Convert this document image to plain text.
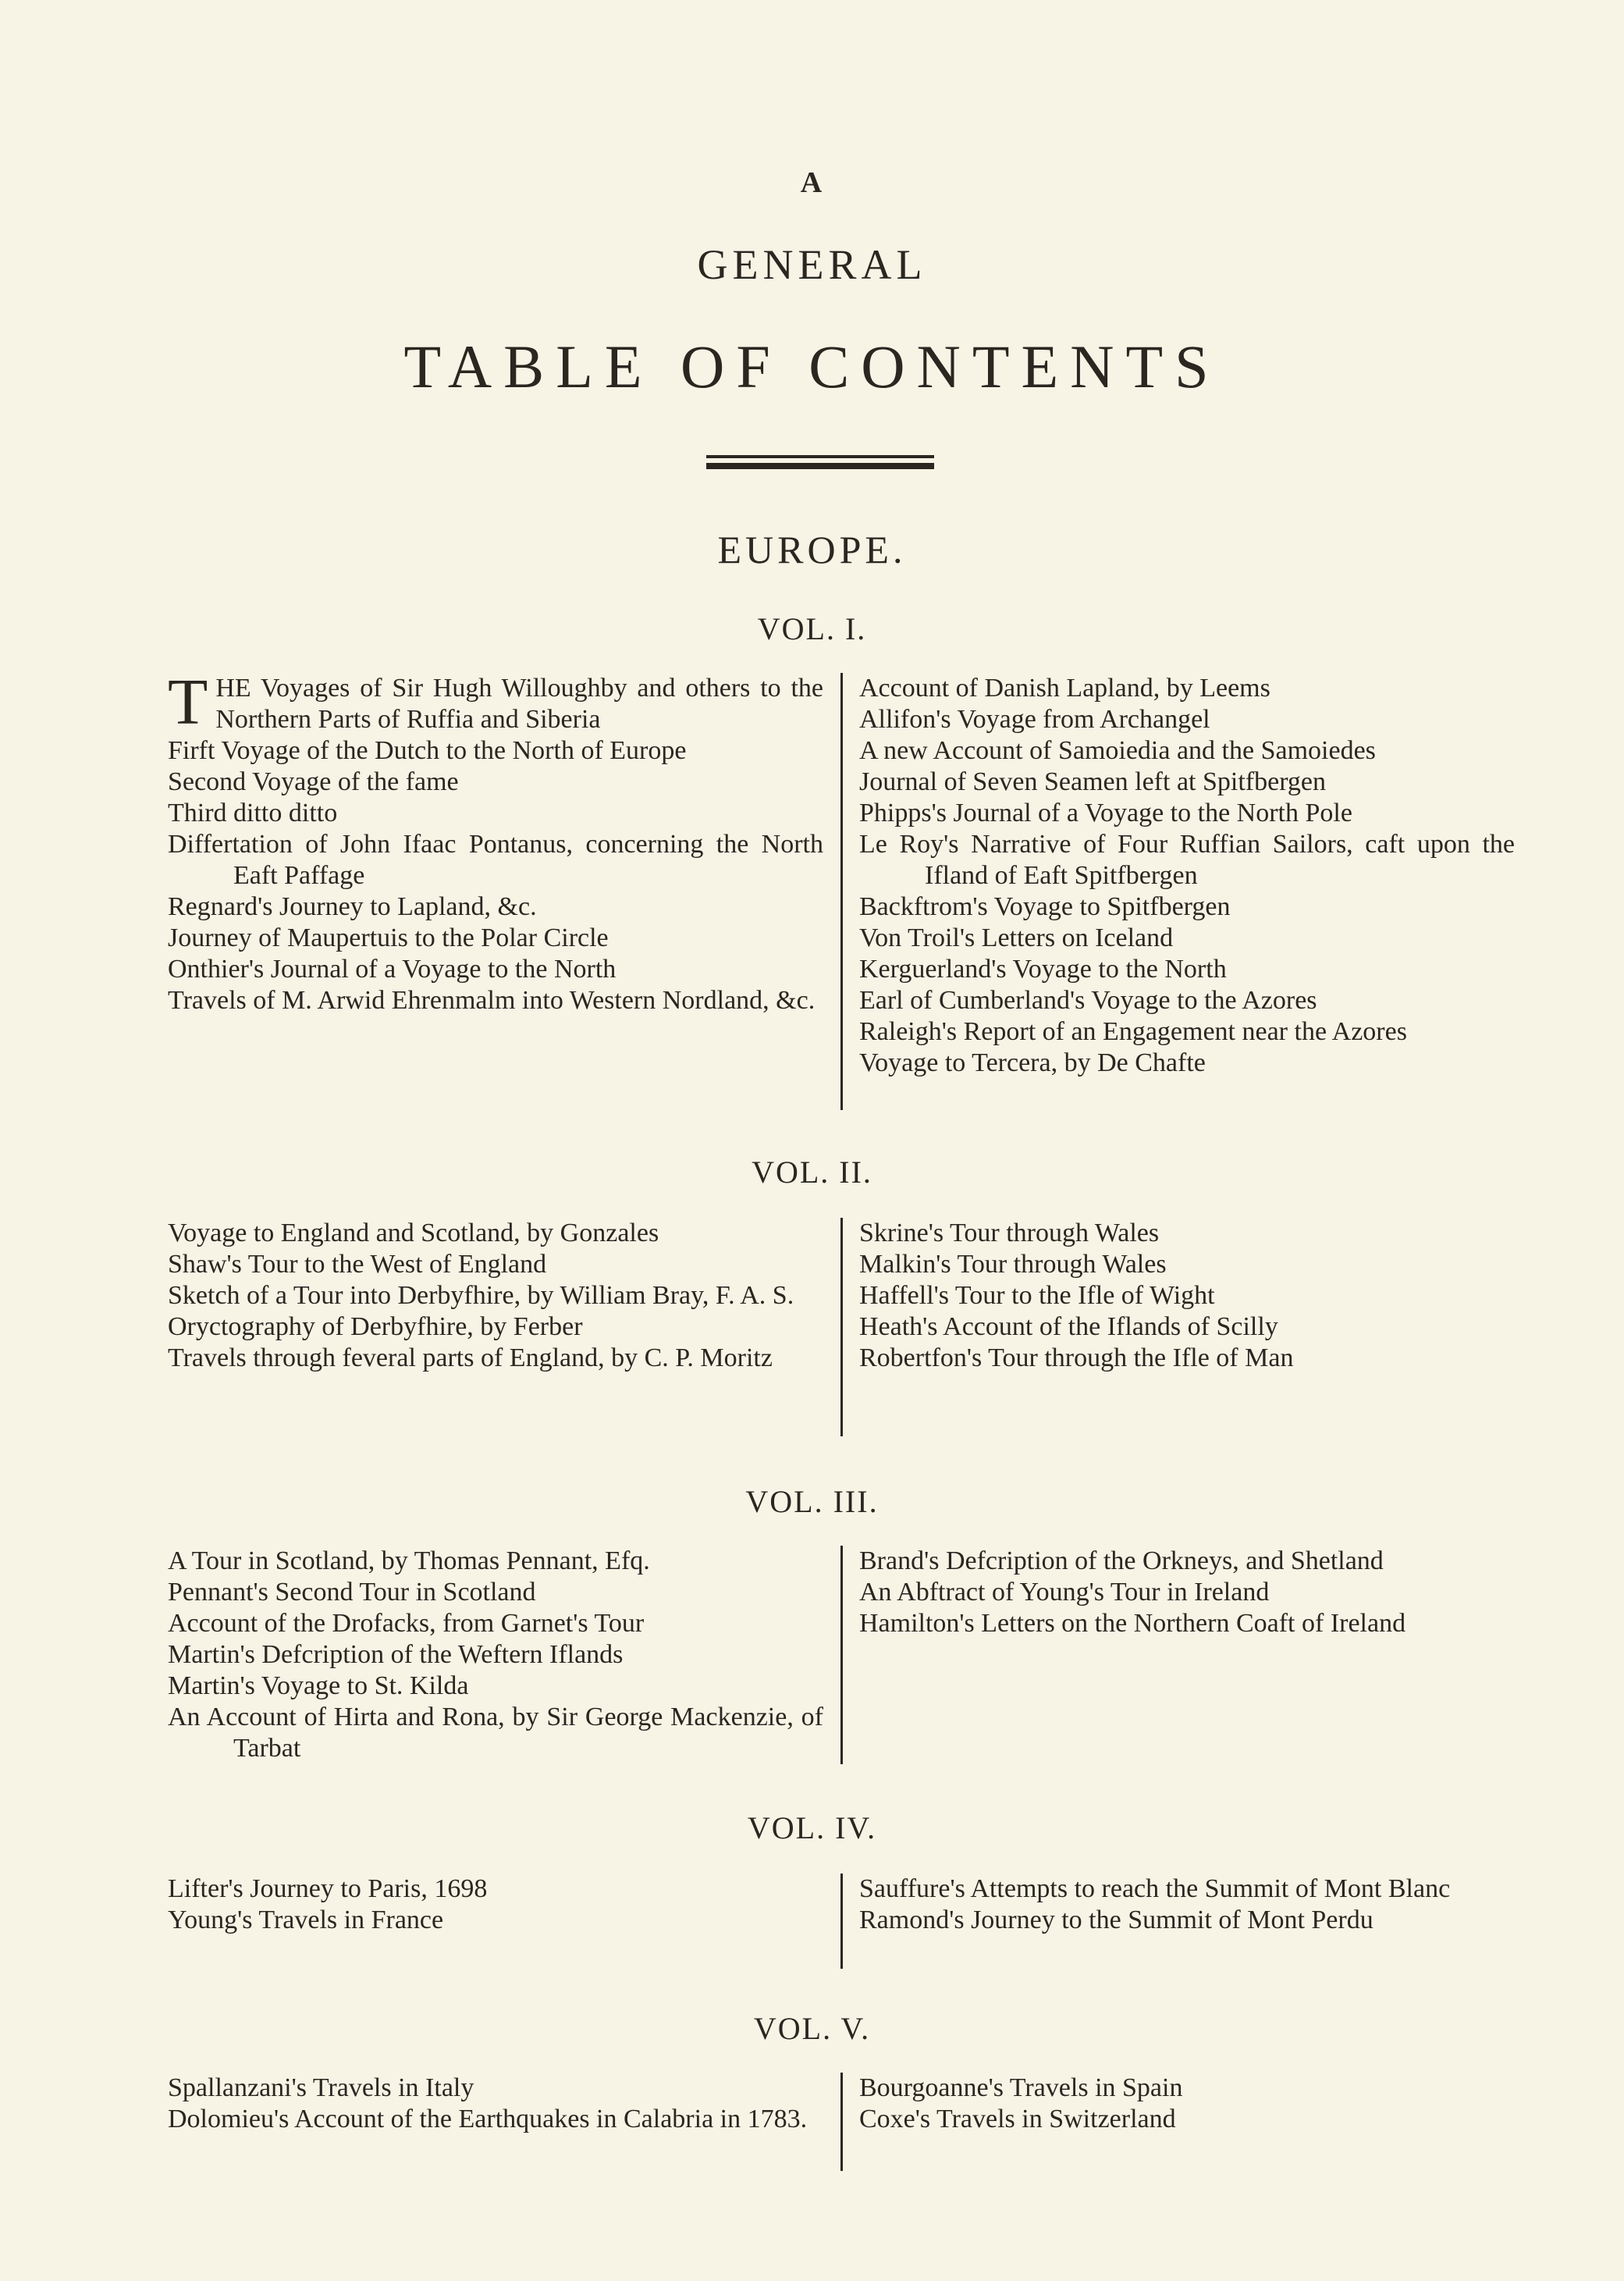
A
GENERAL
TABLE OF CONTENTS
EUROPE.
VOL. I.

THE Voyages of Sir Hugh Willoughby and others to the Northern Parts of Ruffia and Siberia

Firft Voyage of the Dutch to the North of Europe

Second Voyage of the fame

Third ditto ditto

Differtation of John Ifaac Pontanus, concerning the North Eaft Paffage

Regnard's Journey to Lapland, &c.

Journey of Maupertuis to the Polar Circle

Onthier's Journal of a Voyage to the North

Travels of M. Arwid Ehrenmalm into Western Nordland, &c.

Account of Danish Lapland, by Leems

Allifon's Voyage from Archangel

A new Account of Samoiedia and the Samoiedes

Journal of Seven Seamen left at Spitfbergen

Phipps's Journal of a Voyage to the North Pole

Le Roy's Narrative of Four Ruffian Sailors, caft upon the Ifland of Eaft Spitfbergen

Backftrom's Voyage to Spitfbergen

Von Troil's Letters on Iceland

Kerguerland's Voyage to the North

Earl of Cumberland's Voyage to the Azores

Raleigh's Report of an Engagement near the Azores

Voyage to Tercera, by De Chafte

VOL. II.

Voyage to England and Scotland, by Gonzales

Shaw's Tour to the West of England

Sketch of a Tour into Derbyfhire, by William Bray, F. A. S.

Oryctography of Derbyfhire, by Ferber

Travels through feveral parts of England, by C. P. Moritz

Skrine's Tour through Wales

Malkin's Tour through Wales

Haffell's Tour to the Ifle of Wight

Heath's Account of the Iflands of Scilly

Robertfon's Tour through the Ifle of Man

VOL. III.

A Tour in Scotland, by Thomas Pennant, Efq.

Pennant's Second Tour in Scotland

Account of the Drofacks, from Garnet's Tour

Martin's Defcription of the Weftern Iflands

Martin's Voyage to St. Kilda

An Account of Hirta and Rona, by Sir George Mackenzie, of Tarbat

Brand's Defcription of the Orkneys, and Shetland

An Abftract of Young's Tour in Ireland

Hamilton's Letters on the Northern Coaft of Ireland

VOL. IV.

Lifter's Journey to Paris, 1698

Young's Travels in France

Sauffure's Attempts to reach the Summit of Mont Blanc

Ramond's Journey to the Summit of Mont Perdu

VOL. V.

Spallanzani's Travels in Italy

Dolomieu's Account of the Earthquakes in Calabria in 1783.

Bourgoanne's Travels in Spain

Coxe's Travels in Switzerland
